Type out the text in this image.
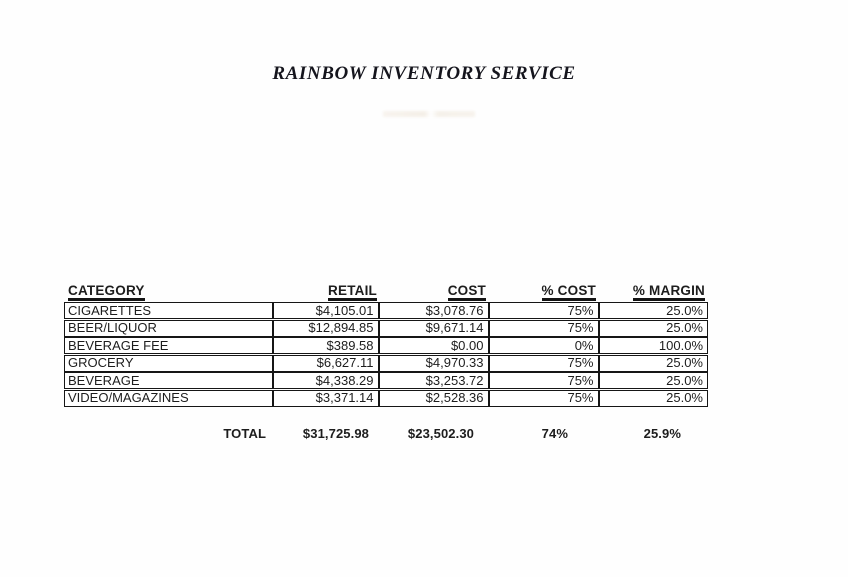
RAINBOW INVENTORY SERVICE
CATEGORY	RETAIL	COST	% COST	% MARGIN
CIGARETTES	$4,105.01	$3,078.76	75%	25.0%
BEER/LIQUOR	$12,894.85	$9,671.14	75%	25.0%
BEVERAGE FEE	$389.58	$0.00	0%	100.0%
GROCERY	$6,627.11	$4,970.33	75%	25.0%
BEVERAGE	$4,338.29	$3,253.72	75%	25.0%
VIDEO/MAGAZINES	$3,371.14	$2,528.36	75%	25.0%
TOTAL	$31,725.98	$23,502.30	74%	25.9%
